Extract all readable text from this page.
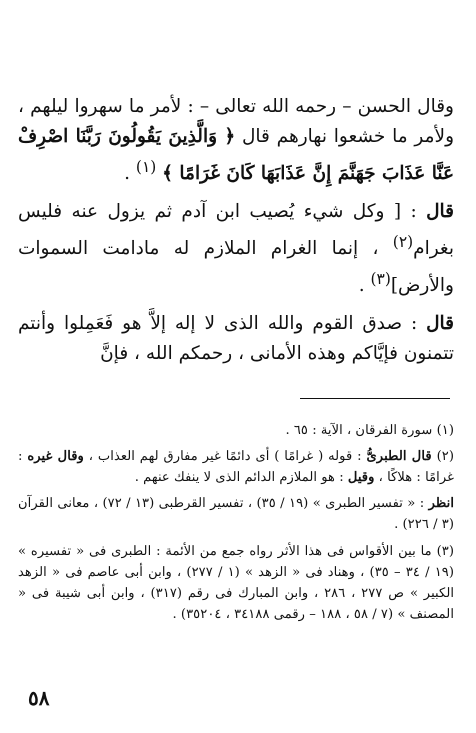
وقال الحسن – رحمه الله تعالى – : لأمر ما سهروا ليلهم ، ولأمر ما خشعوا نهارهم قال ﴿ وَالَّذِينَ يَقُولُونَ رَبَّنَا اصْرِفْ عَنَّا عَذَابَ جَهَنَّمَ إِنَّ عَذَابَهَا كَانَ غَرَامًا ﴾ $^{(١)}$ .

قال : [ وكل شيء يُصيب ابن آدم ثم يزول عنه فليس بغرام$^{(٢)}$ ، إنما الغرام الملازم له مادامت السموات والأرض]$^{(٣)}$ .

قال : صدق القوم والله الذى لا إله إلاَّ هو فَعَمِلوا وأنتم تتمنون فإيَّاكم وهذه الأمانى ، رحمكم الله ، فإنَّ

(١) سورة الفرقان ، الآية : ٦٥ .

(٢) قال الطبرىُّ : قوله ( غرامًا ) أى دائمًا غير مفارق لهم العذاب ، وقال غيره : غرامًا : هلاكًا ، وقيل : هو الملازم الدائم الذى لا ينفك عنهم .

انظر : « تفسير الطبرى » (١٩ / ٣٥) ، تفسير القرطبى (١٣ / ٧٢) ، معانى القرآن (٣ / ٢٢٦) .

(٣) ما بين الأقواس فى هذا الأثر رواه جمع من الأئمة : الطبرى فى « تفسيره » (١٩ / ٣٤ – ٣٥) ، وهناد فى « الزهد » (١ / ٢٧٧) ، وابن أبى عاصم فى « الزهد الكبير » ص ٢٧٧ ، ٢٨٦ ، وابن المبارك فى رقم (٣١٧) ، وابن أبى شيبة فى « المصنف » (٧ / ٥٨ ، ١٨٨ – رقمى ٣٤١٨٨ ، ٣٥٢٠٤) .

٥٨
